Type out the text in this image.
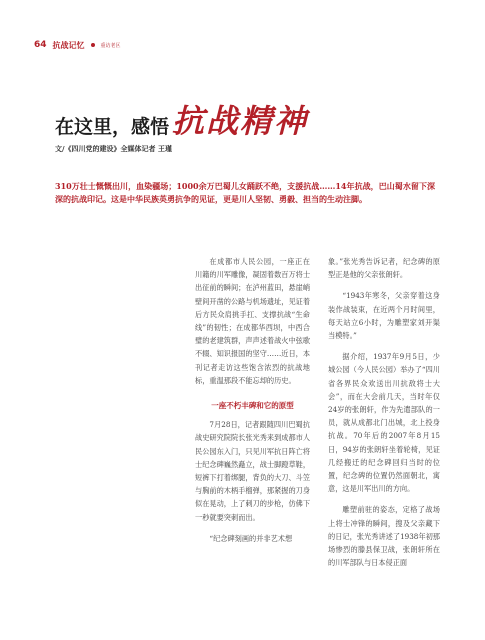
64 抗战记忆	重访老区
在这里，感悟 抗战精神
文/《四川党的建设》全媒体记者 王瑾
310万壮士慨慨出川，血染疆场；1000余万巴蜀儿女踊跃不绝，支援抗战……14年抗战，巴山蜀水留下深深的抗战印记。这是中华民族英勇抗争的见证，更是川人坚韧、勇毅、担当的生动注脚。

在成都市人民公园，一座正在川籍的川军雕像，凝固着数百万将士出征前的瞬间；在泸州蓝田，悬崖峭壁间开凿的公路与机场遗址，见证着后方民众肩挑手扛、支撑抗战“生命线”的韧性；在成都华西坝，中西合璧的老建筑群，声声述着战火中弦歌不辍、知识报国的坚守……近日，本刊记者走访这些饱含浓烈的抗战地标，重温那段不能忘却的历史。

一座不朽丰碑和它的原型

7月28日，记者跟随四川巴蜀抗战史研究院院长张光秀来到成都市人民公园东入门，只见川军抗日阵亡将士纪念碑巍然矗立，战士脚蹬草鞋，短裤下打着绑腿，背负的大刀、斗笠与胸前的木柄手榴弹，那紧握的刀身似在晃动，上了刺刀的步枪，仿佛下一秒就要突刺而出。

“纪念碑刻画的并非艺术想

象。”张光秀告诉记者，纪念碑的原型正是他的父亲张朗轩。

“1943年寒冬，父亲穿着这身装作战装束，在近两个月时间里，每天站立6小时，为雕塑家刘开渠当模特。”

据介绍，1937年9月5日，少城公园（今人民公园）举办了“四川省各界民众欢送出川抗敌将士大会”，而在大会前几天，当时年仅24岁的张朗轩，作为先遣部队的一员，就从成都北门出城，北上投身抗战。70年后的2007年8月15日，94岁的张朗轩坐着轮椅，见证几经搬迁的纪念碑回归当时的位置，纪念碑的位置仍然面朝北，寓意，这是川军出川的方向。

雕塑前驻的姿态，定格了战场上将士冲锋的瞬间，搜及父亲藏下的日记，张光秀讲述了1938年初那场惨烈的滕县保卫战，张朗轩所在的川军部队与日本侵正面
